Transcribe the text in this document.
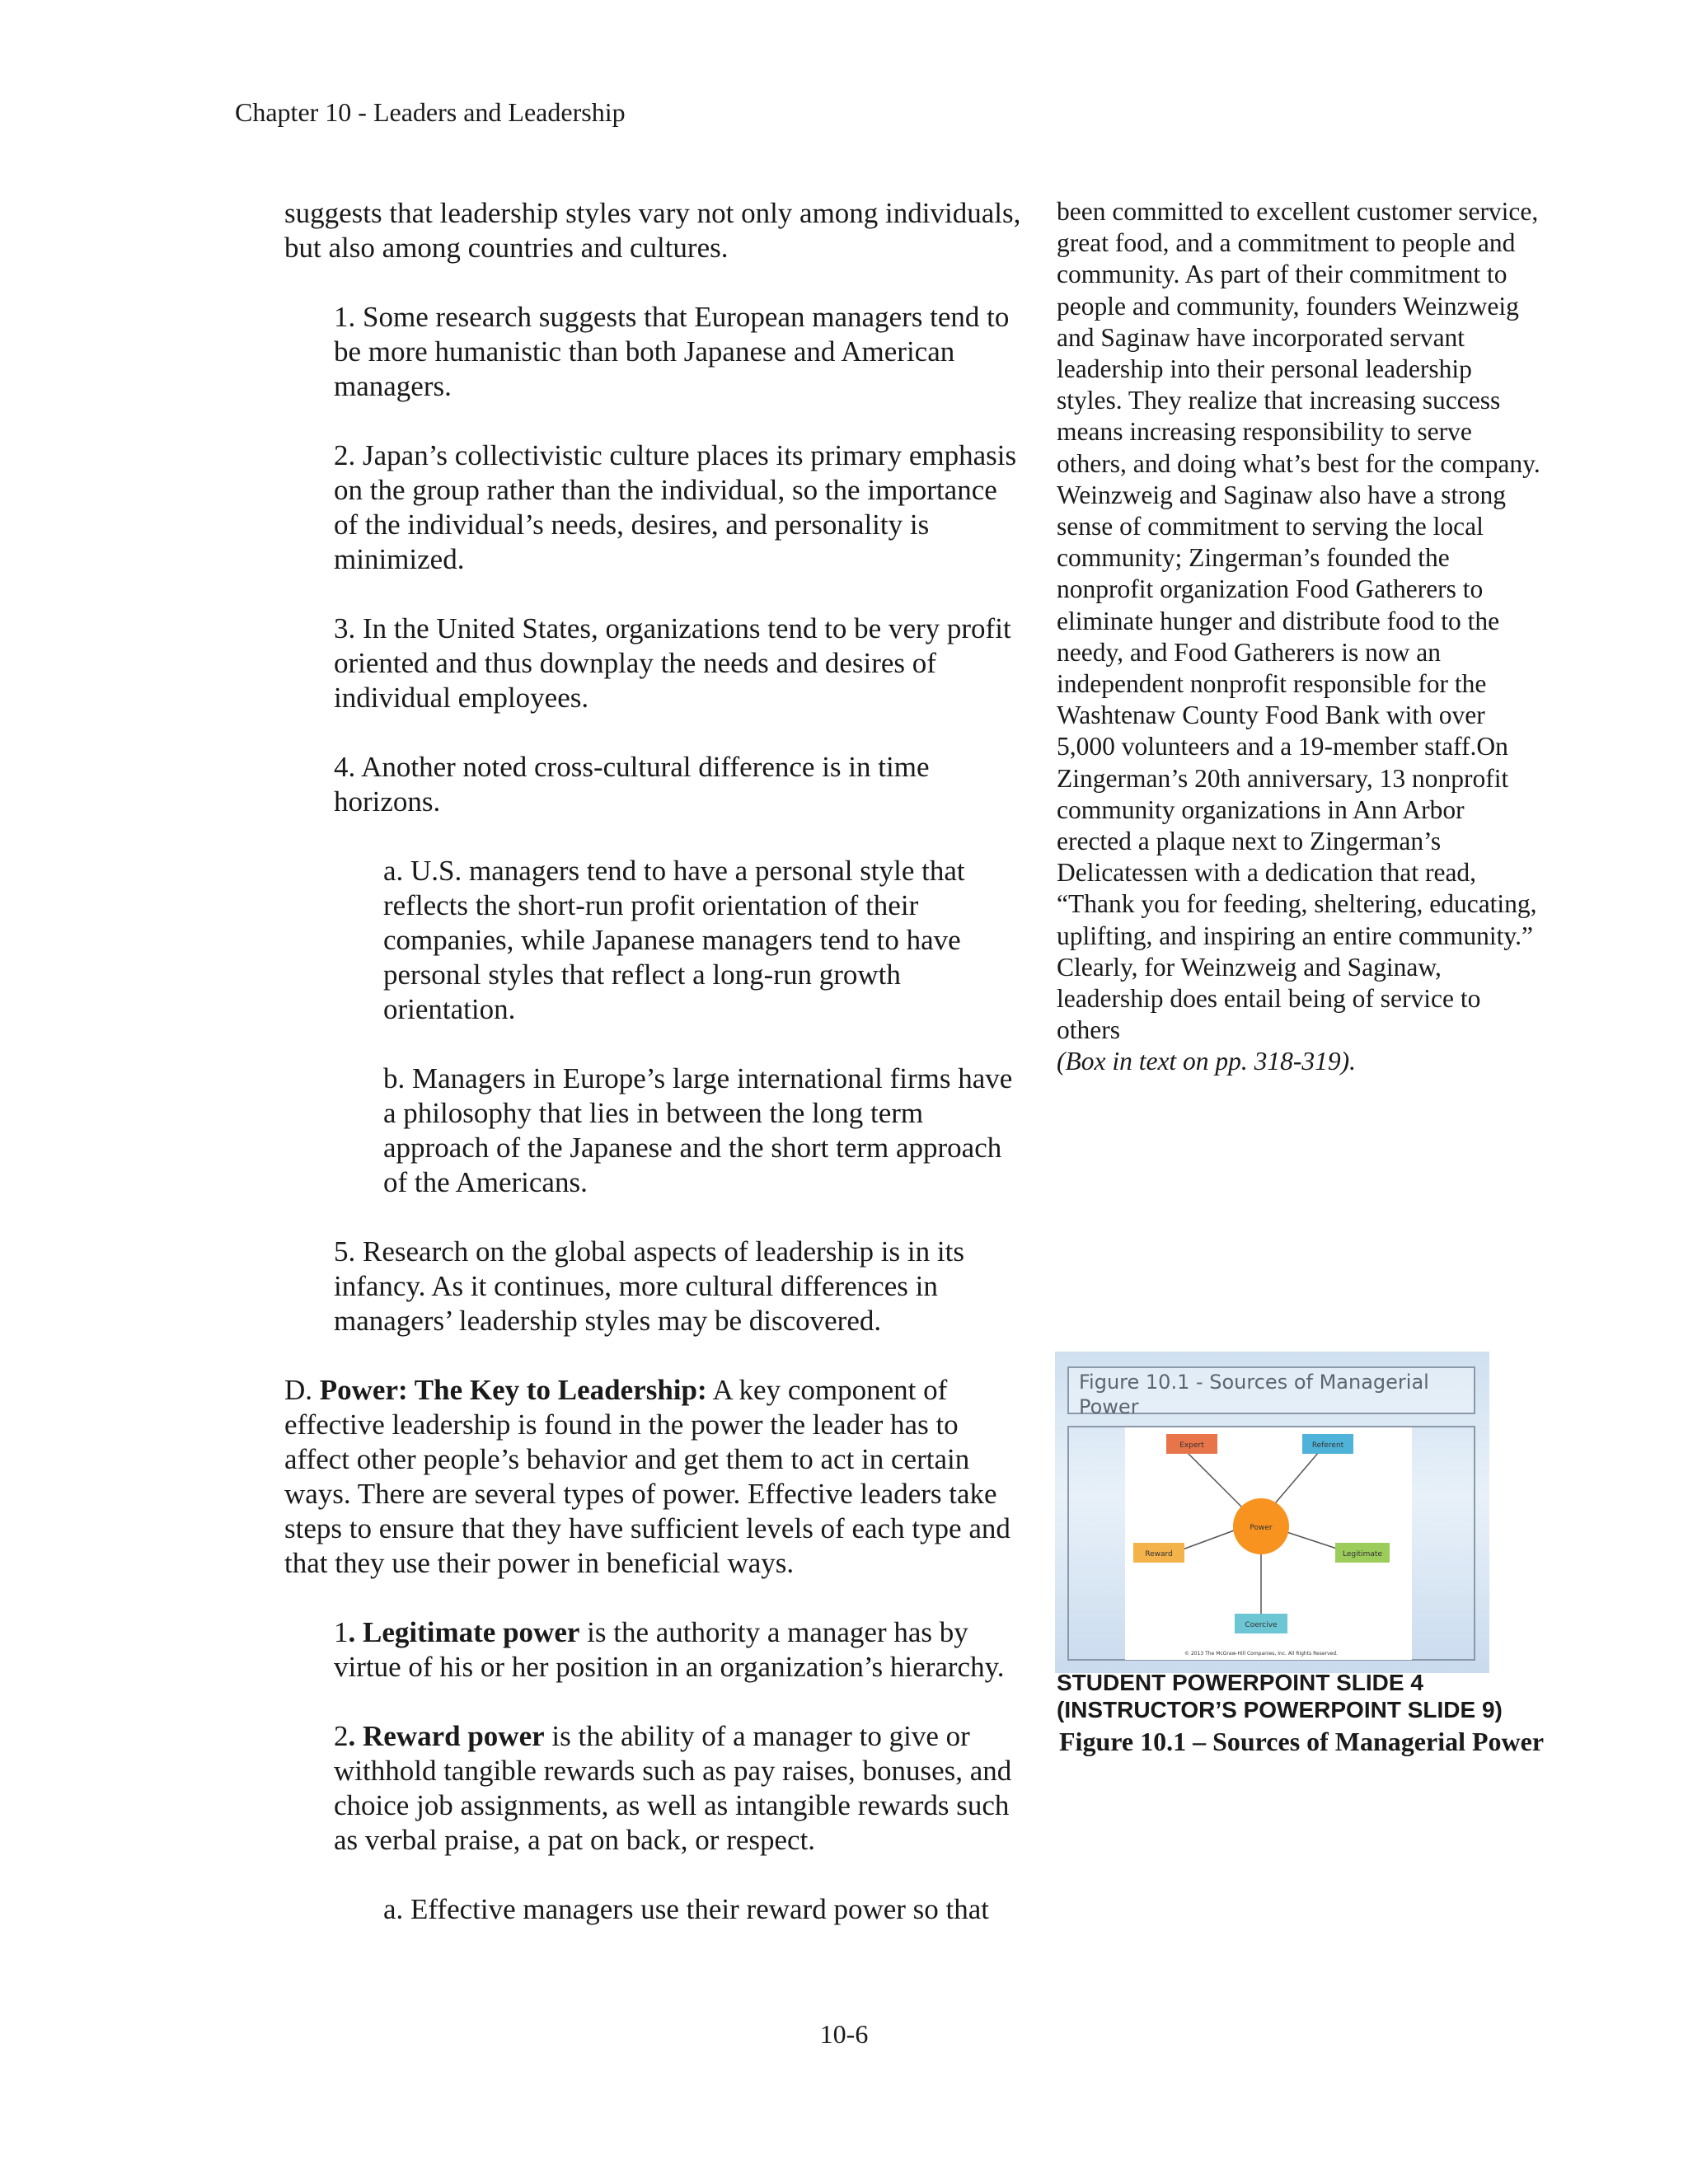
Chapter 10 - Leaders and Leadership

suggests that leadership styles vary not only among individuals, but also among countries and cultures.

1. Some research suggests that European managers tend to be more humanistic than both Japanese and American managers.

2. Japan’s collectivistic culture places its primary emphasis on the group rather than the individual, so the importance of the individual’s needs, desires, and personality is minimized.

3. In the United States, organizations tend to be very profit oriented and thus downplay the needs and desires of individual employees.

4. Another noted cross-cultural difference is in time horizons.

a. U.S. managers tend to have a personal style that reflects the short-run profit orientation of their companies, while Japanese managers tend to have personal styles that reflect a long-run growth orientation.

b. Managers in Europe’s large international firms have a philosophy that lies in between the long term approach of the Japanese and the short term approach of the Americans.

5. Research on the global aspects of leadership is in its infancy. As it continues, more cultural differences in managers’ leadership styles may be discovered.

D. Power: The Key to Leadership: A key component of effective leadership is found in the power the leader has to affect other people’s behavior and get them to act in certain ways. There are several types of power. Effective leaders take steps to ensure that they have sufficient levels of each type and that they use their power in beneficial ways.

1. Legitimate power is the authority a manager has by virtue of his or her position in an organization’s hierarchy.

2. Reward power is the ability of a manager to give or withhold tangible rewards such as pay raises, bonuses, and choice job assignments, as well as intangible rewards such as verbal praise, a pat on back, or respect.

a. Effective managers use their reward power so that

been committed to excellent customer service, great food, and a commitment to people and community. As part of their commitment to people and community, founders Weinzweig and Saginaw have incorporated servant leadership into their personal leadership styles. They realize that increasing success means increasing responsibility to serve others, and doing what’s best for the company. Weinzweig and Saginaw also have a strong sense of commitment to serving the local community; Zingerman’s founded the nonprofit organization Food Gatherers to eliminate hunger and distribute food to the needy, and Food Gatherers is now an independent nonprofit responsible for the Washtenaw County Food Bank with over 5,000 volunteers and a 19-member staff.On Zingerman’s 20th anniversary, 13 nonprofit community organizations in Ann Arbor erected a plaque next to Zingerman’s Delicatessen with a dedication that read, “Thank you for feeding, sheltering, educating, uplifting, and inspiring an entire community.” Clearly, for Weinzweig and Saginaw, leadership does entail being of service to others

(Box in text on pp. 318-319).

Figure 10.1 - Sources of Managerial Power
Power
Expert	Referent
Reward	Legitimate
Coercive
© 2013 The McGraw-Hill Companies, Inc. All Rights Reserved.
STUDENT POWERPOINT SLIDE 4
(INSTRUCTOR’S POWERPOINT SLIDE 9)
Figure 10.1 – Sources of Managerial Power
10-6
